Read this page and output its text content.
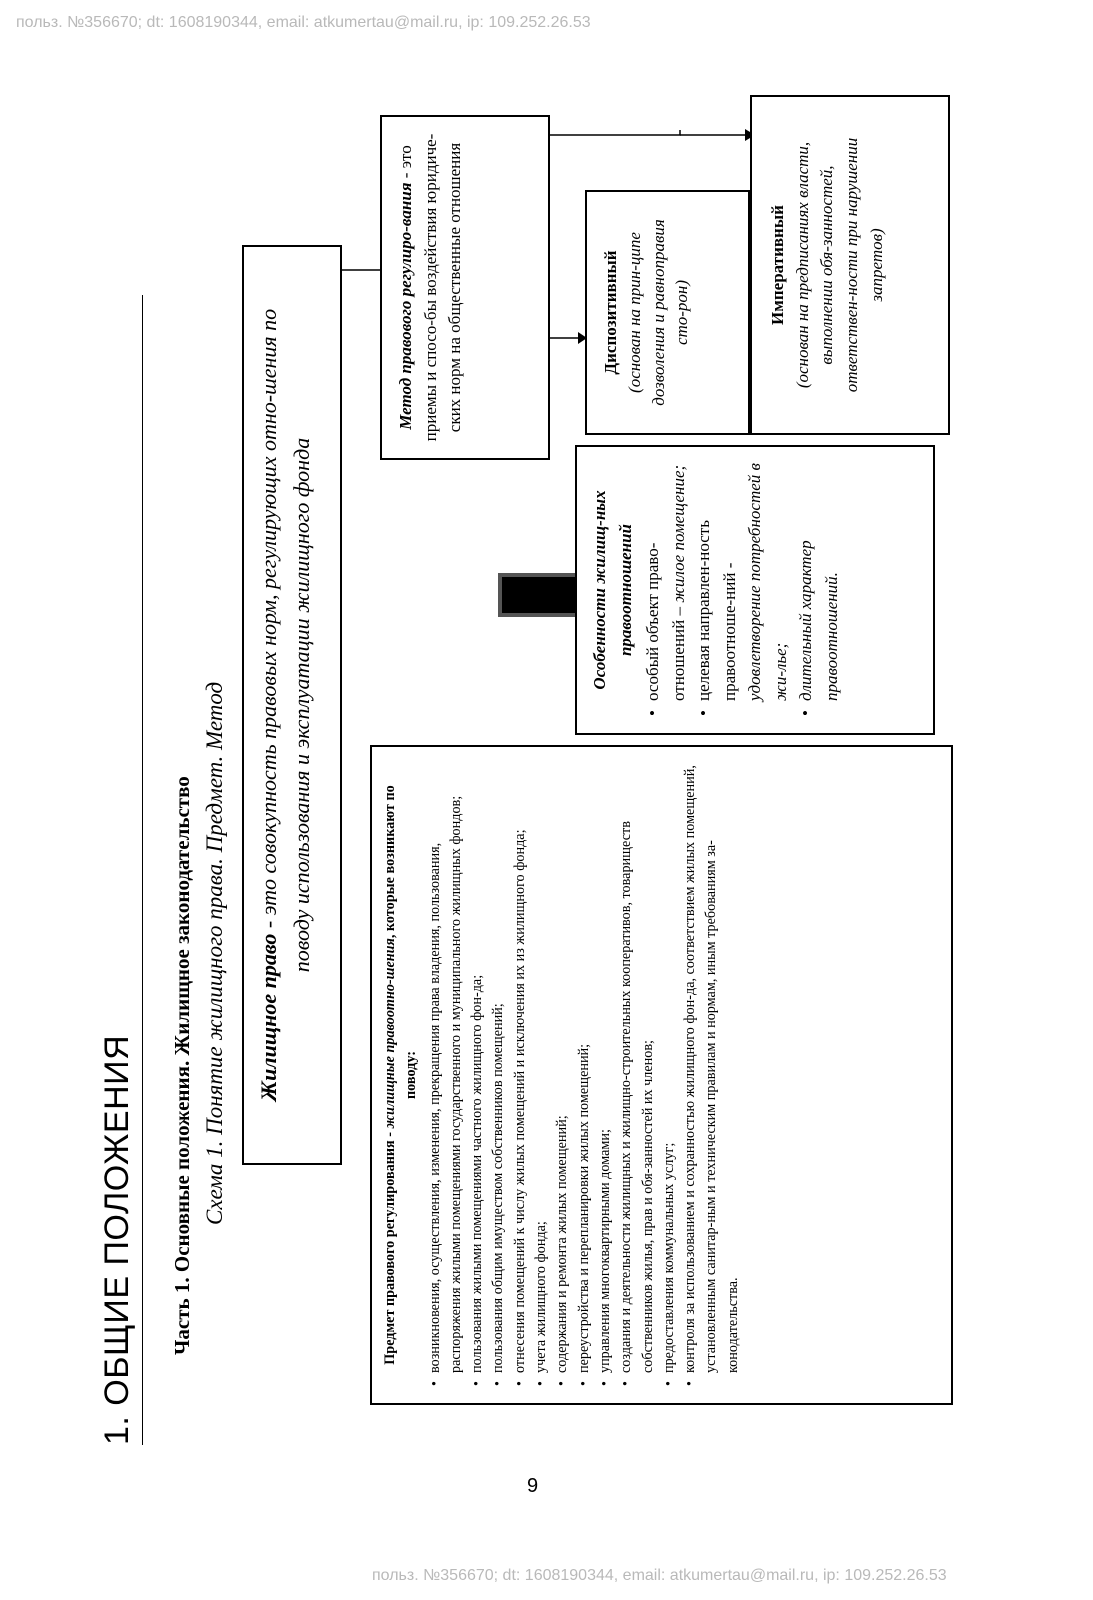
польз. №356670; dt: 1608190344, email: atkumertau@mail.ru, ip: 109.252.26.53
1. ОБЩИЕ ПОЛОЖЕНИЯ Часть 1. Основные положения. Жилищное законодательство Схема 1. Понятие жилищного права. Предмет. Метод	Жилищное право - это совокупность правовых норм, регулирующих отно-шения по поводу использования и эксплуатации жилищного фонда
Предмет правового регулирования - жилищные правоотно-шения, которые возникают по поводу: • возникновения, осуществления, изменения, прекращения права владения, пользования, распоряжения жилыми помещениями государственного и муниципального жилищных фондов; • пользования жилыми помещениями частного жилищного фон-да; • пользования общим имуществом собственников помещений; • отнесения помещений к числу жилых помещений и исключения их из жилищного фонда; • учета жилищного фонда; • содержания и ремонта жилых помещений; • переустройства и перепланировки жилых помещений; • управления многоквартирными домами; • создания и деятельности жилищных и жилищно-строительных кооперативов, товариществ собственников жилья, прав и обя-занностей их членов; • предоставления коммунальных услуг; • контроля за использованием и сохранностью жилищного фон-да, соответствием жилых помещений, установленным санитар-ным и техническим правилам и нормам, иным требованиям за-конодательства.
Метод правового регулиро-вания - это приемы и спосо-бы воздействия юридиче-ских норм на общественные отношения	Диспозитивный (основан на прин-ципе дозволения и равноправия сто-рон)	Императивный (основан на предписаниях власти, выполнении обя-занностей, ответствен-ности при нарушении запретов)
Особенности жилищ-ных правоотношений • особый объект право-отношений – жилое помещение; • целевая направлен-ность правоотноше-ний - удовлетворение потребностей в жи-лье; • длительный характер правоотношений.
9
польз. №356670; dt: 1608190344, email: atkumertau@mail.ru, ip: 109.252.26.53
